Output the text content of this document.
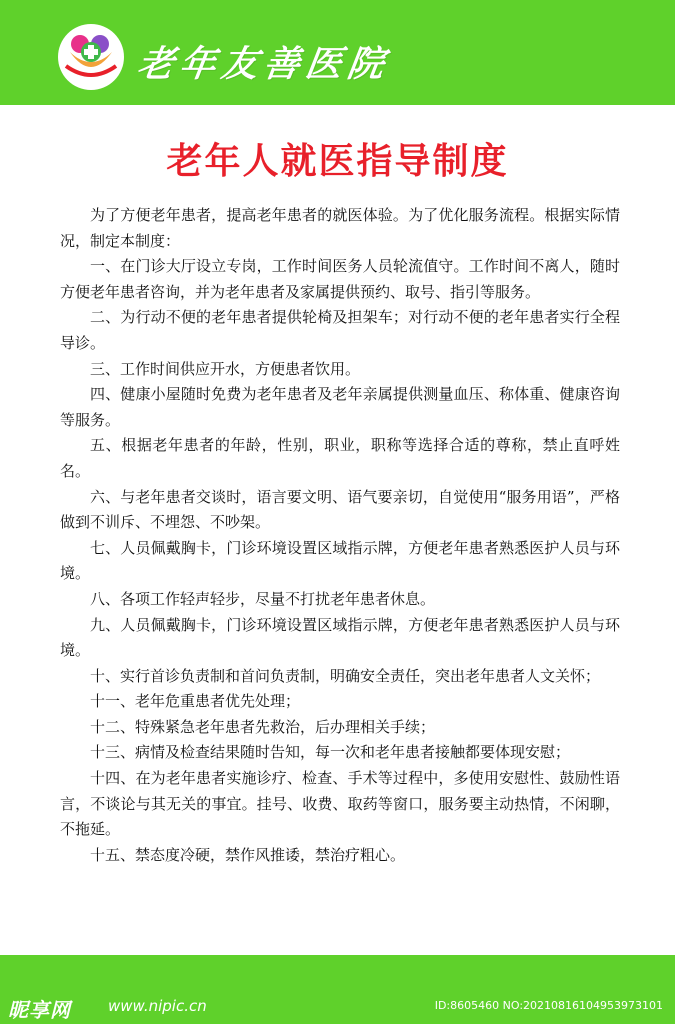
老年友善医院
老年人就医指导制度

为了方便老年患者，提高老年患者的就医体验。为了优化服务流程。根据实际情况，制定本制度：

一、在门诊大厅设立专岗，工作时间医务人员轮流值守。工作时间不离人，随时方便老年患者咨询，并为老年患者及家属提供预约、取号、指引等服务。

二、为行动不便的老年患者提供轮椅及担架车；对行动不便的老年患者实行全程导诊。

三、工作时间供应开水，方便患者饮用。

四、健康小屋随时免费为老年患者及老年亲属提供测量血压、称体重、健康咨询等服务。

五、根据老年患者的年龄，性别，职业，职称等选择合适的尊称，禁止直呼姓名。

六、与老年患者交谈时，语言要文明、语气要亲切，自觉使用“服务用语”，严格做到不训斥、不埋怨、不吵架。

七、人员佩戴胸卡，门诊环境设置区域指示牌，方便老年患者熟悉医护人员与环境。

八、各项工作轻声轻步，尽量不打扰老年患者休息。

九、人员佩戴胸卡，门诊环境设置区域指示牌，方便老年患者熟悉医护人员与环境。

十、实行首诊负责制和首问负责制，明确安全责任，突出老年患者人文关怀；

十一、老年危重患者优先处理；

十二、特殊紧急老年患者先救治，后办理相关手续；

十三、病情及检查结果随时告知，每一次和老年患者接触都要体现安慰；

十四、在为老年患者实施诊疗、检查、手术等过程中，多使用安慰性、鼓励性语言，不谈论与其无关的事宜。挂号、收费、取药等窗口，服务要主动热情，不闲聊，不拖延。

十五、禁态度冷硬，禁作风推诿，禁治疗粗心。

昵享网 www.nipic.cn	ID:8605460 NO:20210816104953973101
